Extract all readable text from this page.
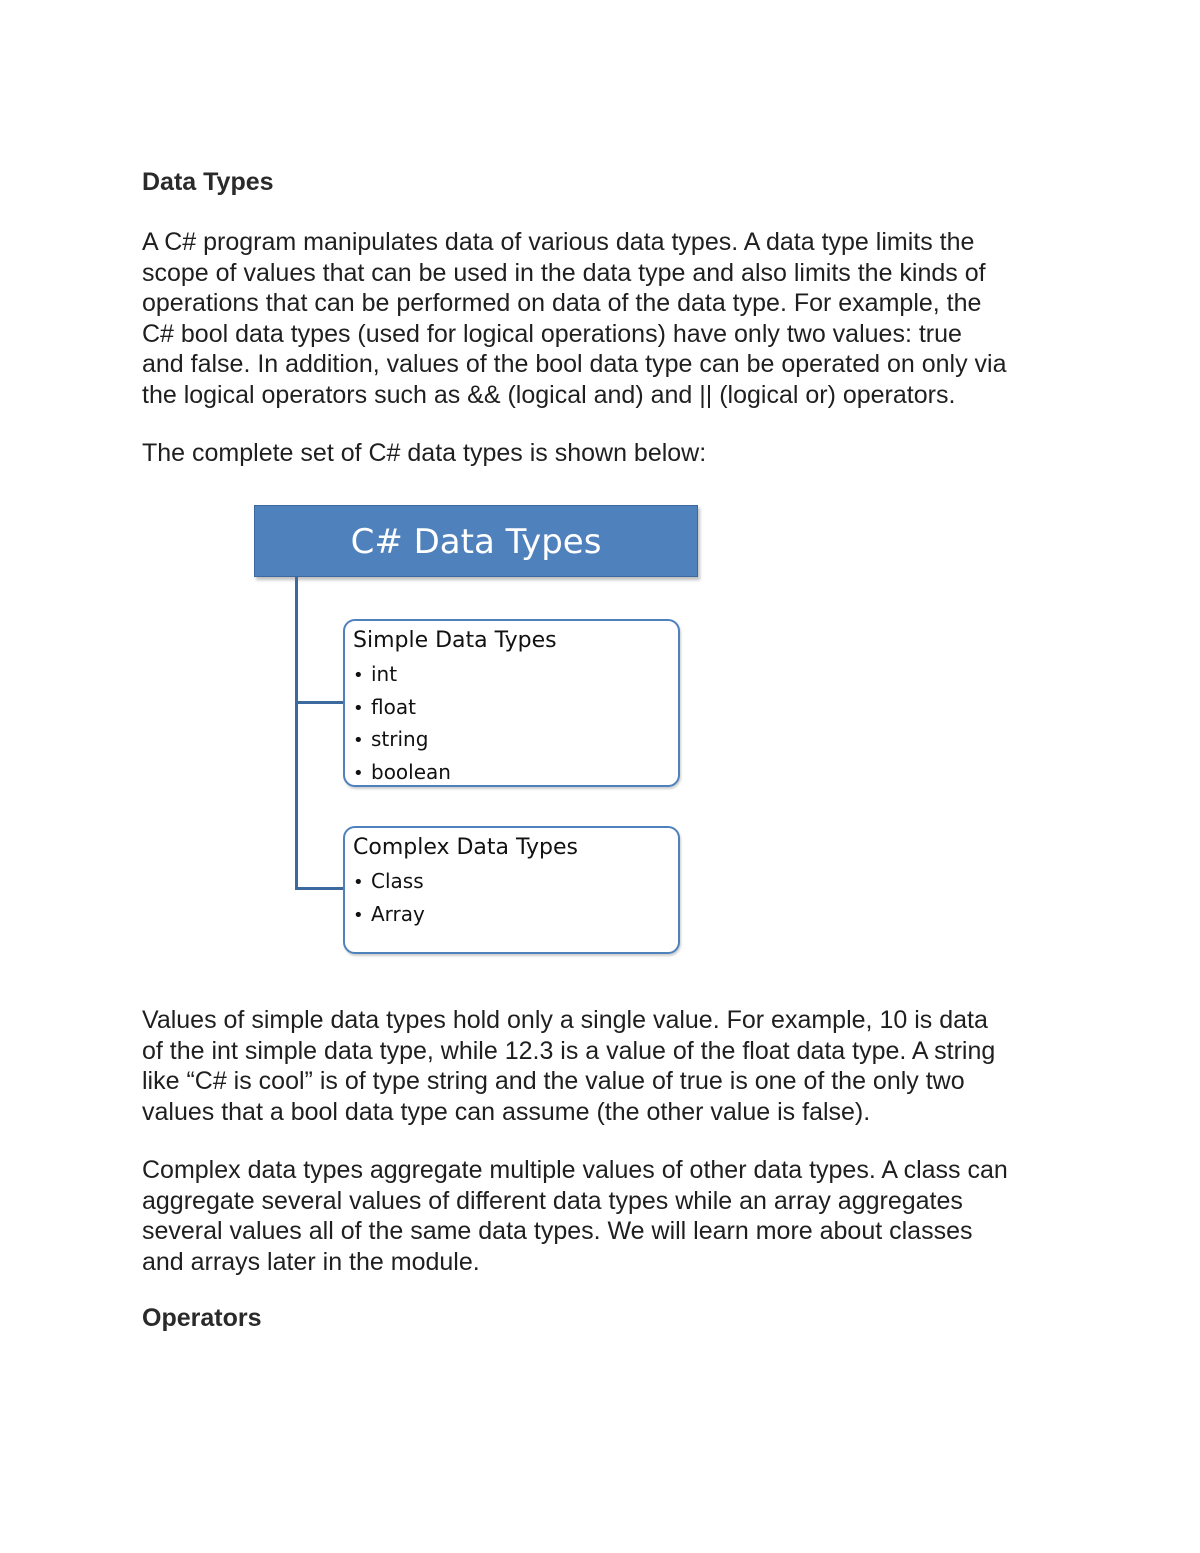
Data Types
A C# program manipulates data of various data types. A data type limits the
scope of values that can be used in the data type and also limits the kinds of
operations that can be performed on data of the data type. For example, the
C# bool data types (used for logical operations) have only two values: true
and false. In addition, values of the bool data type can be operated on only via
the logical operators such as && (logical and) and || (logical or) operators.
The complete set of C# data types is shown below:
C# Data Types
Simple Data Types
• int
• float
• string
• boolean
Complex Data Types
• Class
• Array
Values of simple data types hold only a single value. For example, 10 is data
of the int simple data type, while 12.3 is a value of the float data type. A string
like “C# is cool” is of type string and the value of true is one of the only two
values that a bool data type can assume (the other value is false).
Complex data types aggregate multiple values of other data types. A class can
aggregate several values of different data types while an array aggregates
several values all of the same data types. We will learn more about classes
and arrays later in the module.
Operators
